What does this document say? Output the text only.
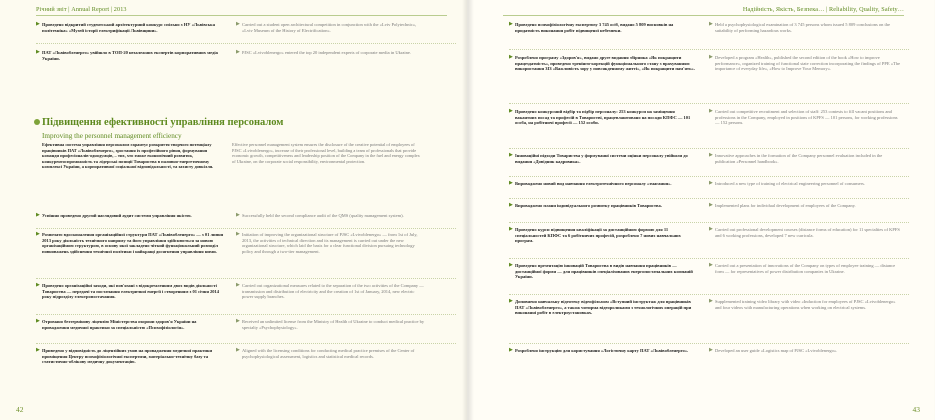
Річний звіт | Annual Report | 2013
▶ Проведено відкритий студентський архітектурний конкурс спільно з НУ «Львівська політехніка» «Музей історії електрифікації Львівщини».
▶ Carried out a student open architectural competition in conjunction with the «Lviv Polytechnic», «Lviv Museum of the History of Electrification».
▶ ПАТ «Львівобленерго» увійшло в ТОП-20 незалежних експертів корпоративних медіа України.
▶ PJSC «Lvivoblenergo» entered the top 20 independent experts of corporate media in Ukraine.
Підвищення ефективності управління персоналом
Improving the personnel management efficiency
Ефективна система управління персоналом гарантує розкриття творчого потенціалу працівників ПАТ «Львівобленерго», зростання їх професійного рівня, формування команди професіоналів-однодумців, – тих, хто зможе економічний розвиток, конкурентоспроможність та лідерські позиції Товариства в паливно-енергетичному комплексі України, а корпоративної соціальної відповідальності, та захисту довкілля.
Effective personnel management system ensures the disclosure of the creative potential of employees of PJSC «Lvivoblenergo», increase of their professional level, building a team of professionals that provide economic growth, competitiveness and leadership position of the Company in the fuel and energy complex of Ukraine, on the corporate social responsibility, environmental protection.
▶ Успішно проведено другий наглядовий аудит системи управління якістю.	▶ Successfully held the second compliance audit of the QMS (quality management system).
▶ Розпочато вдосконалення організаційної структури ПАТ «Львівобленерго» — з 01 липня 2013 року діяльність технічного напряму та його управління здійснюється за новою організаційною структурою, в основу якої закладено чіткий функціональний розподіл повноважень здійснення технічної політики і найкращі досягнення управління ними.
▶ Initiation of improving the organizational structure of PJSC «Lvivoblenergo» — from 1st of July, 2013, the activities of technical direction and its management is carried out under the new organizational structure, which laid the basis for a clear functional division pursuing technology policy and through a two-tier management.
▶ Проведено організаційні заходи, які пов'язані з відокремленням двох видів діяльності Товариства — передачі та постачання електричної енергії і створенням з 01 січня 2014 року підрозділу електропостачання.
▶ Carried out organizational measures related to the separation of the two activities of the Company — transmission and distribution of electricity and the creation of 1st of January, 2014, new electric power supply branches.
▶ Отримано безтермінову ліцензію Міністерства охорони здоров'я України на провадження медичної практики за спеціальністю «Психофізіологія».
▶ Received an unlimited license from the Ministry of Health of Ukraine to conduct medical practice by specialty «Psychophysiology».
▶ Приведено у відповідність до ліцензійних умов на провадження медичної практики приміщення Центру психофізіологічної експертизи, матеріально-технічну базу та статистично-облікову медичну документацію.
▶ Aligned with the licensing conditions for conducting medical practice premises of the Center of psychophysiological assessment, logistics and statistical medical records.
42
Надійність, Якість, Безпека… | Reliability, Quality, Safety…
▶ Проведено психофізіологічну експертизу 3 745 осіб, видано 5 809 висновків на придатність виконання робіт підвищеної небезпеки.
▶ Held a psychophysiological examination of 3 745 persons whom issued 5 809 conclusions on the suitability of performing hazardous works.
▶ Розроблено програму «Здоров'я», видано друге видання збірника «Як покращити працездатність», проведено тренінги-корекцій функціонального стану з врахуванням використання ЗІЗ «Важливість зору у повсякденному житті», «Як покращити пам'ять».
▶ Developed a program «Health», published the second edition of the book «How to improve performance», organized training of functional state correction incorporating the findings of PPE «The importance of everyday life», «How to Improve Your Memory».
▶ Проведено конкурсний відбір та підбір персоналу: 253 конкурси на заміщення вакантних посад та професій в Товаристві, працевлаштовано на посади КПФС — 101 особа, на робітничі професії — 152 особи.
▶ Carried out competitive recruitment and selection of staff: 253 contests to fill vacant positions and professions in the Company, employed in positions of KPFS — 101 persons, for working professions — 152 persons.
▶ Інноваційні підходи Товариства у формуванні системи оцінки персоналу увійшли до видання «Довідник кадровика».
▶ Innovative approaches in the formation of the Company personnel evaluation included in the publication «Personnel handbook».
▶ Впроваджено новий вид навчання електротехнічного персоналу «змагання».	▶ Introduced a new type of training of electrical engineering personnel of consumers.
▶ Впроваджено плани індивідуального розвитку працівників Товариства.	▶ Implemented plans for individual development of employees of the Company.
▶ Проведено курси підвищення кваліфікації за дистанційною формою для 11 спеціальностей КПФС та 6 робітничих професій, розроблено 7 нових навчальних програм.
▶ Carried out professional development courses (distance forms of education) for 11 specialties of KPFS and 6 working professions, developed 7 new curricula.
▶ Проведено презентацію інновацій Товариства в видів навчання працівників — дистанційної форми — для працівників спеціалізованих енергопостачальних компаній України.
▶ Carried out a presentation of innovations of the Company on types of employee training — distance form — for representatives of power distribution companies in Ukraine.
▶ Доповнено навчальну відеотеку відеофільмом «Вступний інструктаж для працівників ПАТ «Львівобленерго», а також чотирма відеороликами з технологічних операцій при виконанні робіт в електроустановках.
▶ Supplemented training video library with video «Induction for employees of PJSC «Lvivoblenergo» and four videos with manufacturing operations when working on electrical systems.
▶ Розроблено інструкцію для користування «Логістичну карту ПАТ «Львівобленерго».	▶ Developed an user guide «Logistics map of PJSC «Lvivoblenergo».
43
